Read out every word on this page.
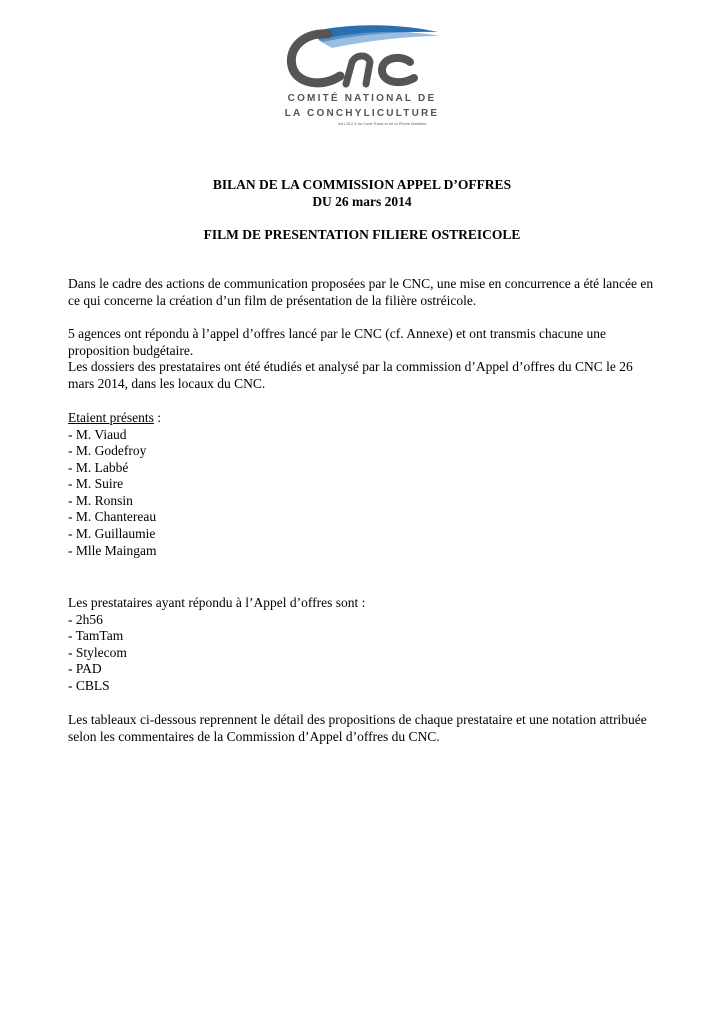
COMITÉ NATIONAL DE
LA CONCHYLICULTURE
Art.L912.6 du Code Rural et de la Pêche Maritime
BILAN DE LA COMMISSION APPEL D’OFFRES
DU 26 mars 2014
FILM DE PRESENTATION FILIERE OSTREICOLE

Dans le cadre des actions de communication proposées par le CNC, une mise en concurrence a été lancée en ce qui concerne la création d’un film de présentation de la filière ostréicole.

5 agences ont répondu à l’appel d’offres lancé par le CNC (cf. Annexe) et ont transmis chacune une proposition budgétaire.

Les dossiers des prestataires ont été étudiés et analysé par la commission d’Appel d’offres du CNC le 26 mars 2014, dans les locaux du CNC.

Etaient présents :
- M. Viaud
- M. Godefroy
- M. Labbé
- M. Suire
- M. Ronsin
- M. Chantereau
- M. Guillaumie
- Mlle Maingam
Les prestataires ayant répondu à l’Appel d’offres sont :
- 2h56
- TamTam
- Stylecom
- PAD
- CBLS

Les tableaux ci-dessous reprennent le détail des propositions de chaque prestataire et une notation attribuée selon les commentaires de la Commission d’Appel d’offres du CNC.
